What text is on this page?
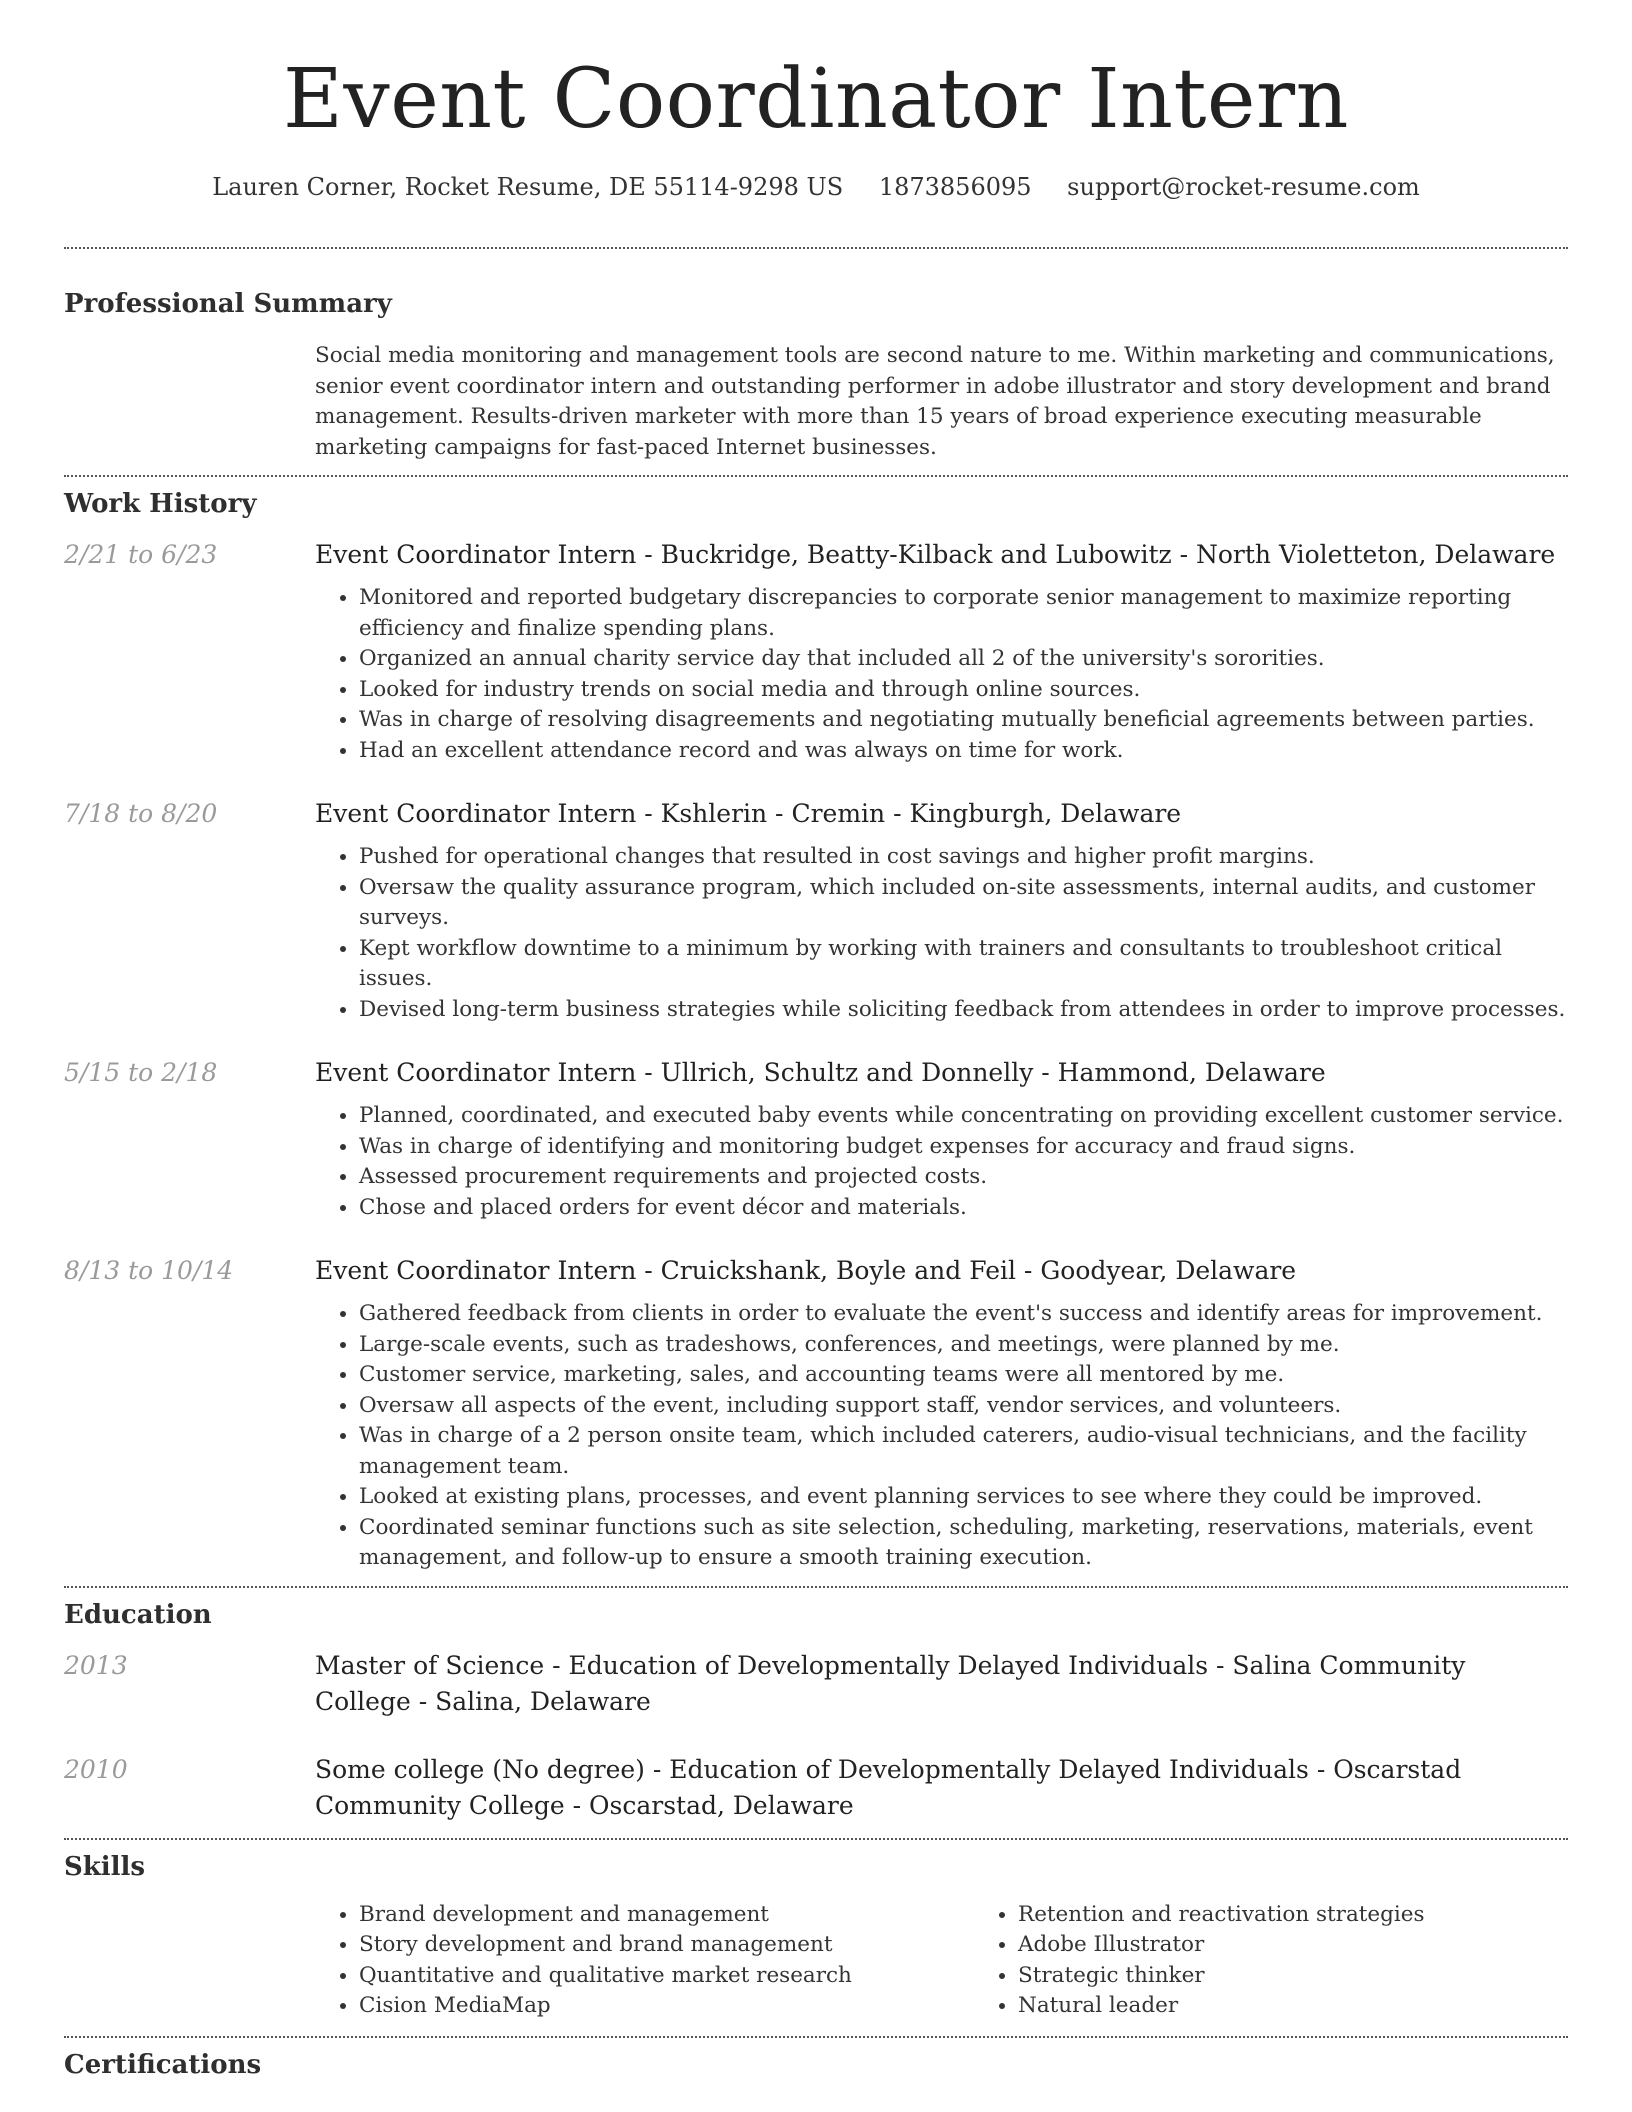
Event Coordinator Intern
Lauren Corner, Rocket Resume, DE 55114-9298 US 1873856095 support@rocket-resume.com
Professional Summary
Social media monitoring and management tools are second nature to me. Within marketing and communications, senior event coordinator intern and outstanding performer in adobe illustrator and story development and brand management. Results-driven marketer with more than 15 years of broad experience executing measurable marketing campaigns for fast-paced Internet businesses.
Work History
2/21 to 6/23	Event Coordinator Intern - Buckridge, Beatty-Kilback and Lubowitz - North Violetteton, Delaware
• Monitored and reported budgetary discrepancies to corporate senior management to maximize reporting efficiency and finalize spending plans.
• Organized an annual charity service day that included all 2 of the university's sororities.
• Looked for industry trends on social media and through online sources.
• Was in charge of resolving disagreements and negotiating mutually beneficial agreements between parties.
• Had an excellent attendance record and was always on time for work.
7/18 to 8/20	Event Coordinator Intern - Kshlerin - Cremin - Kingburgh, Delaware
• Pushed for operational changes that resulted in cost savings and higher profit margins.
• Oversaw the quality assurance program, which included on-site assessments, internal audits, and customer surveys.
• Kept workflow downtime to a minimum by working with trainers and consultants to troubleshoot critical issues.
• Devised long-term business strategies while soliciting feedback from attendees in order to improve processes.
5/15 to 2/18	Event Coordinator Intern - Ullrich, Schultz and Donnelly - Hammond, Delaware
• Planned, coordinated, and executed baby events while concentrating on providing excellent customer service.
• Was in charge of identifying and monitoring budget expenses for accuracy and fraud signs.
• Assessed procurement requirements and projected costs.
• Chose and placed orders for event décor and materials.
8/13 to 10/14	Event Coordinator Intern - Cruickshank, Boyle and Feil - Goodyear, Delaware
• Gathered feedback from clients in order to evaluate the event's success and identify areas for improvement.
• Large-scale events, such as tradeshows, conferences, and meetings, were planned by me.
• Customer service, marketing, sales, and accounting teams were all mentored by me.
• Oversaw all aspects of the event, including support staff, vendor services, and volunteers.
• Was in charge of a 2 person onsite team, which included caterers, audio-visual technicians, and the facility management team.
• Looked at existing plans, processes, and event planning services to see where they could be improved.
• Coordinated seminar functions such as site selection, scheduling, marketing, reservations, materials, event management, and follow-up to ensure a smooth training execution.
Education
2013	Master of Science - Education of Developmentally Delayed Individuals - Salina Community College - Salina, Delaware
2010	Some college (No degree) - Education of Developmentally Delayed Individuals - Oscarstad Community College - Oscarstad, Delaware
Skills
• Brand development and management
• Story development and brand management
• Quantitative and qualitative market research
• Cision MediaMap
• Retention and reactivation strategies
• Adobe Illustrator
• Strategic thinker
• Natural leader
Certifications
